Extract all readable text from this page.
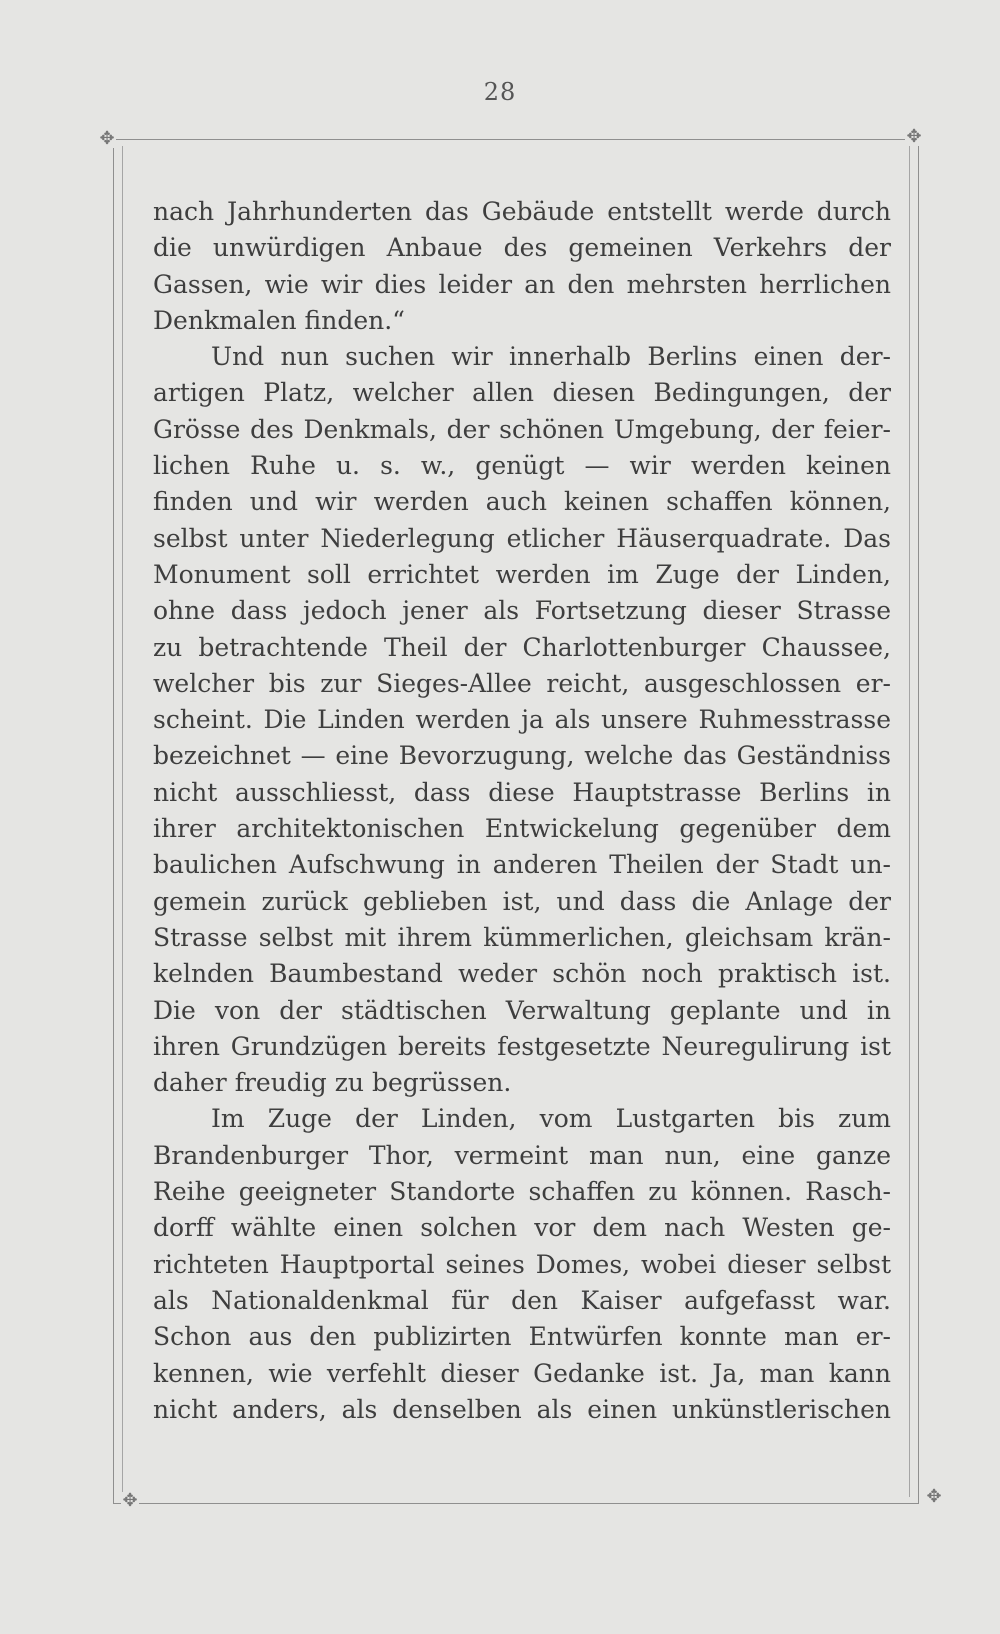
28
✥	✥
✥	✥
nach Jahrhunderten das Gebäude entstellt werde durch
die unwürdigen Anbaue des gemeinen Verkehrs der
Gassen, wie wir dies leider an den mehrsten herrlichen
Denkmalen finden.“
Und nun suchen wir innerhalb Berlins einen der-
artigen Platz, welcher allen diesen Bedingungen, der
Grösse des Denkmals, der schönen Umgebung, der feier-
lichen Ruhe u. s. w., genügt — wir werden keinen
finden und wir werden auch keinen schaffen können,
selbst unter Niederlegung etlicher Häuserquadrate. Das
Monument soll errichtet werden im Zuge der Linden,
ohne dass jedoch jener als Fortsetzung dieser Strasse
zu betrachtende Theil der Charlottenburger Chaussee,
welcher bis zur Sieges-Allee reicht, ausgeschlossen er-
scheint. Die Linden werden ja als unsere Ruhmesstrasse
bezeichnet — eine Bevorzugung, welche das Geständniss
nicht ausschliesst, dass diese Hauptstrasse Berlins in
ihrer architektonischen Entwickelung gegenüber dem
baulichen Aufschwung in anderen Theilen der Stadt un-
gemein zurück geblieben ist, und dass die Anlage der
Strasse selbst mit ihrem kümmerlichen, gleichsam krän-
kelnden Baumbestand weder schön noch praktisch ist.
Die von der städtischen Verwaltung geplante und in
ihren Grundzügen bereits festgesetzte Neuregulirung ist
daher freudig zu begrüssen.
Im Zuge der Linden, vom Lustgarten bis zum
Brandenburger Thor, vermeint man nun, eine ganze
Reihe geeigneter Standorte schaffen zu können. Rasch-
dorff wählte einen solchen vor dem nach Westen ge-
richteten Hauptportal seines Domes, wobei dieser selbst
als Nationaldenkmal für den Kaiser aufgefasst war.
Schon aus den publizirten Entwürfen konnte man er-
kennen, wie verfehlt dieser Gedanke ist. Ja, man kann
nicht anders, als denselben als einen unkünstlerischen
